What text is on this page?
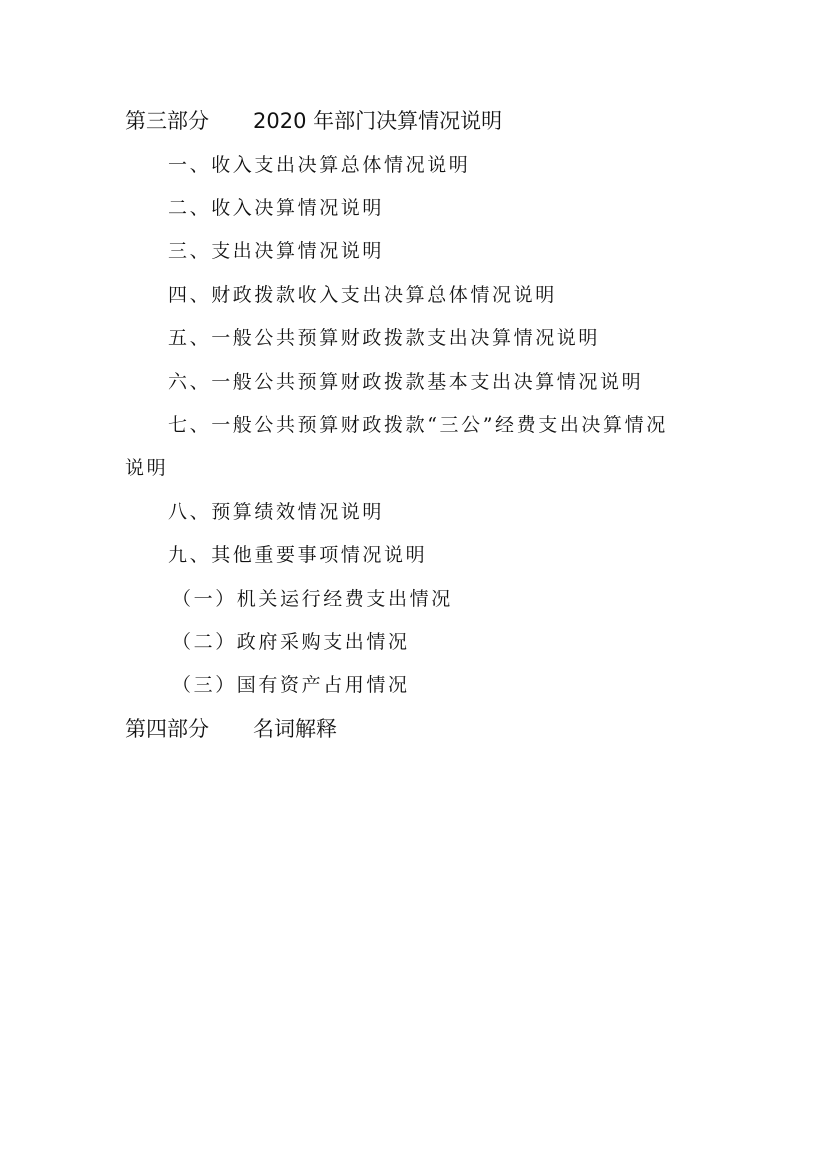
第三部分 2020 年部门决算情况说明
一、收入支出决算总体情况说明
二、收入决算情况说明
三、支出决算情况说明
四、财政拨款收入支出决算总体情况说明
五、一般公共预算财政拨款支出决算情况说明
六、一般公共预算财政拨款基本支出决算情况说明
七、一般公共预算财政拨款“三公”经费支出决算情况
说明
八、预算绩效情况说明
九、其他重要事项情况说明
（一）机关运行经费支出情况
（二）政府采购支出情况
（三）国有资产占用情况
第四部分 名词解释
